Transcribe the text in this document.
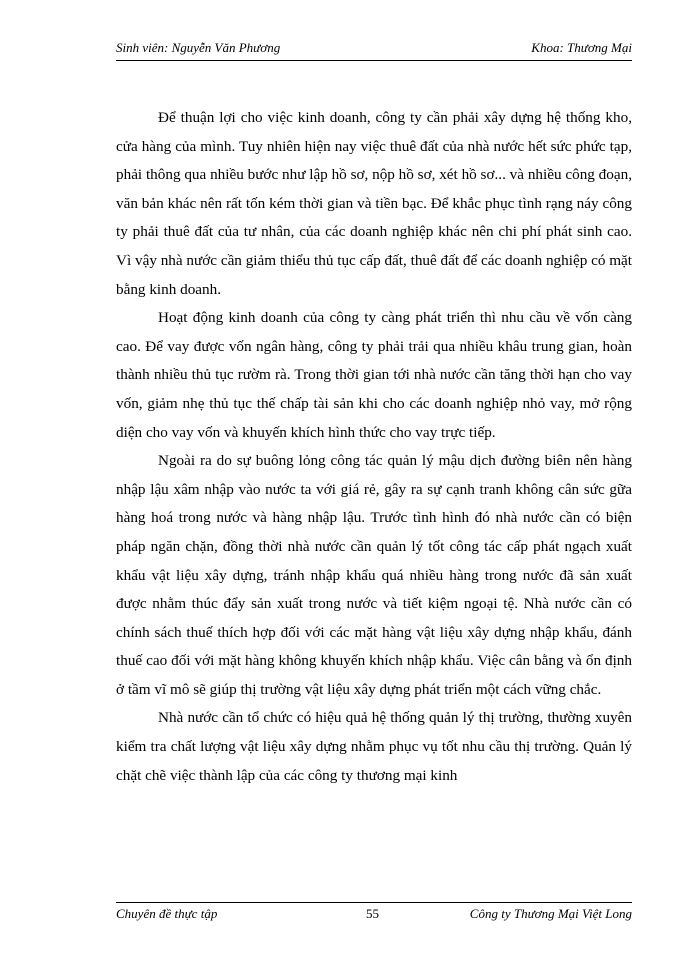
Sinh viên: Nguyễn Văn Phương	Khoa: Thương Mại

Để thuận lợi cho việc kinh doanh, công ty cần phải xây dựng hệ thống kho, cửa hàng của mình. Tuy nhiên hiện nay việc thuê đất của nhà nước hết sức phức tạp, phải thông qua nhiều bước như lập hồ sơ, nộp hồ sơ, xét hồ sơ... và nhiều công đoạn, văn bản khác nên rất tốn kém thời gian và tiền bạc. Để khắc phục tình rạng náy công ty phải thuê đất của tư nhân, của các doanh nghiệp khác nên chi phí phát sinh cao. Vì vậy nhà nước cần giảm thiểu thủ tục cấp đất, thuê đất để các doanh nghiệp có mặt bằng kinh doanh.

Hoạt động kinh doanh của công ty càng phát triển thì nhu cầu về vốn càng cao. Để vay được vốn ngân hàng, công ty phải trải qua nhiều khâu trung gian, hoàn thành nhiều thủ tục rườm rà. Trong thời gian tới nhà nước cần tăng thời hạn cho vay vốn, giảm nhẹ thủ tục thế chấp tài sản khi cho các doanh nghiệp nhỏ vay, mở rộng diện cho vay vốn và khuyến khích hình thức cho vay trực tiếp.

Ngoài ra do sự buông lỏng công tác quản lý mậu dịch đường biên nên hàng nhập lậu xâm nhập vào nước ta với giá rẻ, gây ra sự cạnh tranh không cân sức gữa hàng hoá trong nước và hàng nhập lậu. Trước tình hình đó nhà nước cần có biện pháp ngăn chặn, đồng thời nhà nước cần quản lý tốt công tác cấp phát ngạch xuất khẩu vật liệu xây dựng, tránh nhập khẩu quá nhiều hàng trong nước đã sản xuất được nhằm thúc đẩy sản xuất trong nước và tiết kiệm ngoại tệ. Nhà nước cần có chính sách thuế thích hợp đối với các mặt hàng vật liệu xây dựng nhập khẩu, đánh thuế cao đối với mặt hàng không khuyến khích nhập khẩu. Việc cân bằng và ổn định ở tầm vĩ mô sẽ giúp thị trường vật liệu xây dựng phát triển một cách vững chắc.

Nhà nước cần tổ chức có hiệu quả hệ thống quản lý thị trường, thường xuyên kiểm tra chất lượng vật liệu xây dựng nhằm phục vụ tốt nhu cầu thị trường. Quản lý chặt chẽ việc thành lập của các công ty thương mại kinh

Chuyên đề thực tập	55	Công ty Thương Mại Việt Long
